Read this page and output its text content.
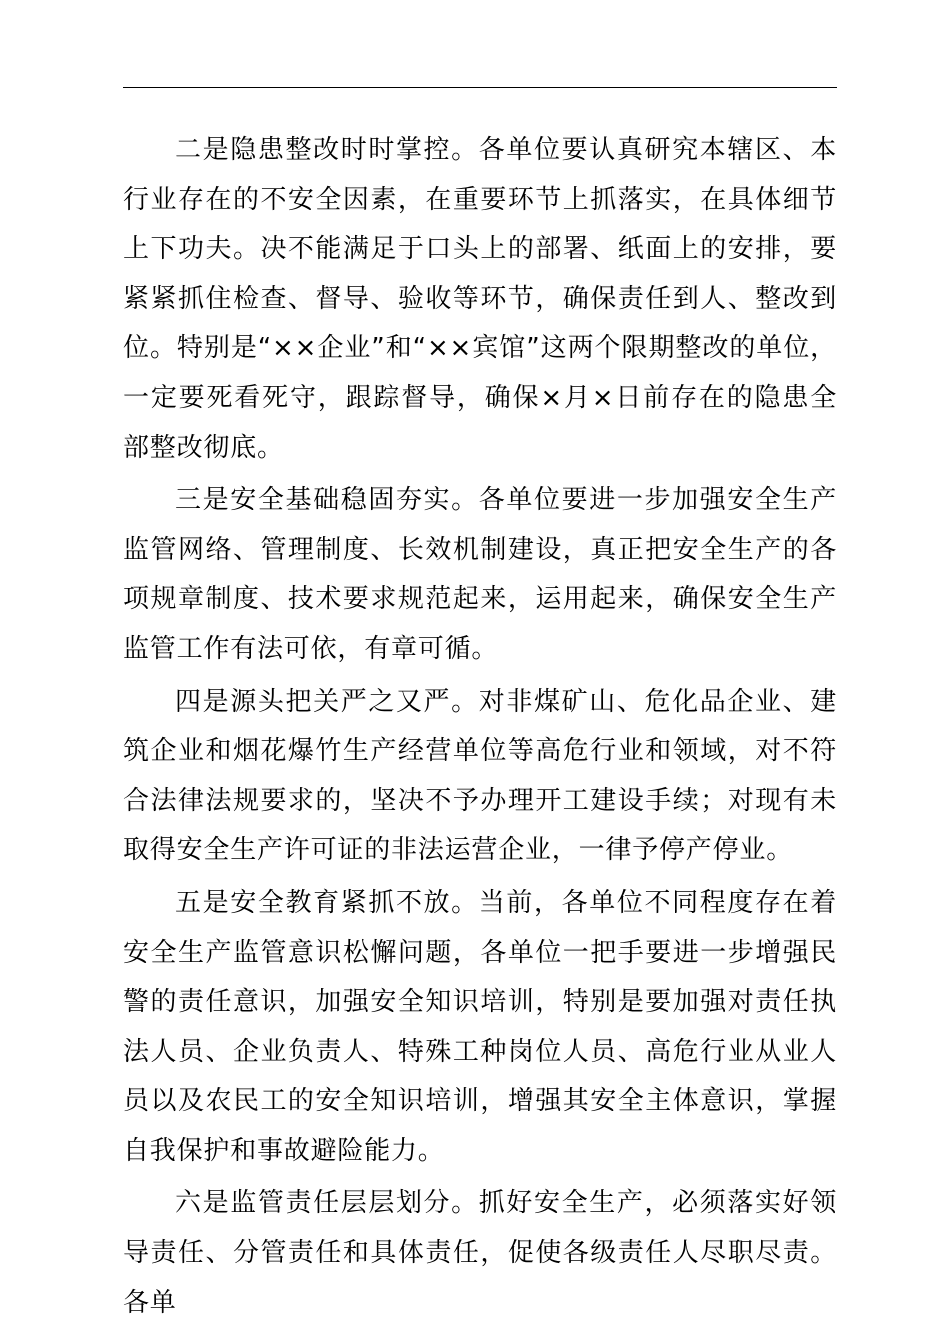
二是隐患整改时时掌控。各单位要认真研究本辖区、本行业存在的不安全因素，在重要环节上抓落实，在具体细节上下功夫。决不能满足于口头上的部署、纸面上的安排，要紧紧抓住检查、督导、验收等环节，确保责任到人、整改到位。特别是“××企业”和“××宾馆”这两个限期整改的单位，一定要死看死守，跟踪督导，确保×月×日前存在的隐患全部整改彻底。

三是安全基础稳固夯实。各单位要进一步加强安全生产监管网络、管理制度、长效机制建设，真正把安全生产的各项规章制度、技术要求规范起来，运用起来，确保安全生产监管工作有法可依，有章可循。

四是源头把关严之又严。对非煤矿山、危化品企业、建筑企业和烟花爆竹生产经营单位等高危行业和领域，对不符合法律法规要求的，坚决不予办理开工建设手续；对现有未取得安全生产许可证的非法运营企业，一律予停产停业。

五是安全教育紧抓不放。当前，各单位不同程度存在着安全生产监管意识松懈问题，各单位一把手要进一步增强民警的责任意识，加强安全知识培训，特别是要加强对责任执法人员、企业负责人、特殊工种岗位人员、高危行业从业人员以及农民工的安全知识培训，增强其安全主体意识，掌握自我保护和事故避险能力。

六是监管责任层层划分。抓好安全生产，必须落实好领导责任、分管责任和具体责任，促使各级责任人尽职尽责。各单
